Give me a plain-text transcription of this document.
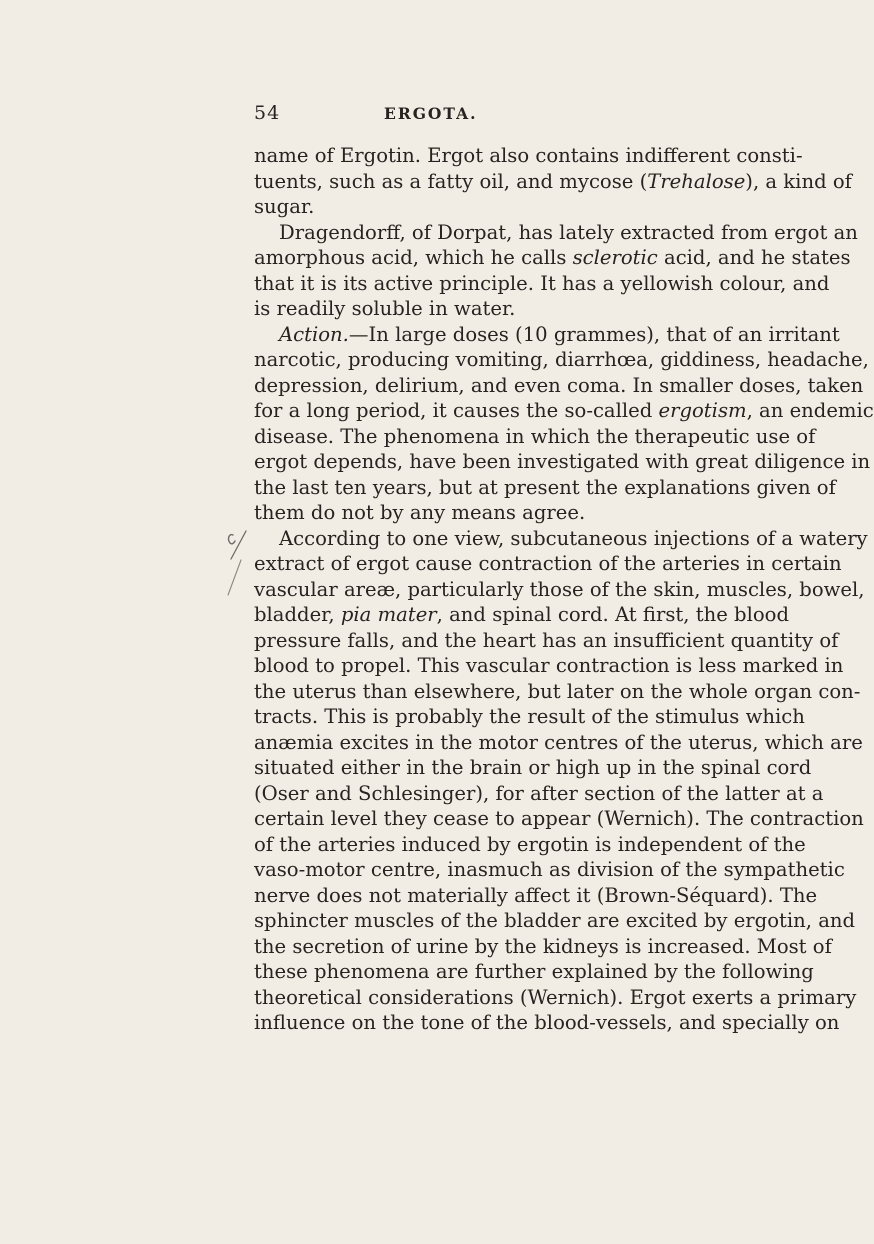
54	ERGOTA.
name of Ergotin. Ergot also contains indifferent consti-
tuents, such as a fatty oil, and mycose (Trehalose), a kind of
sugar.
Dragendorff, of Dorpat, has lately extracted from ergot an
amorphous acid, which he calls sclerotic acid, and he states
that it is its active principle. It has a yellowish colour, and
is readily soluble in water.
Action.—In large doses (10 grammes), that of an irritant
narcotic, producing vomiting, diarrhœa, giddiness, headache,
depression, delirium, and even coma. In smaller doses, taken
for a long period, it causes the so-called ergotism, an endemic
disease. The phenomena in which the therapeutic use of
ergot depends, have been investigated with great diligence in
the last ten years, but at present the explanations given of
them do not by any means agree.
According to one view, subcutaneous injections of a watery
extract of ergot cause contraction of the arteries in certain
vascular areæ, particularly those of the skin, muscles, bowel,
bladder, pia mater, and spinal cord. At first, the blood
pressure falls, and the heart has an insufficient quantity of
blood to propel. This vascular contraction is less marked in
the uterus than elsewhere, but later on the whole organ con-
tracts. This is probably the result of the stimulus which
anæmia excites in the motor centres of the uterus, which are
situated either in the brain or high up in the spinal cord
(Oser and Schlesinger), for after section of the latter at a
certain level they cease to appear (Wernich). The contraction
of the arteries induced by ergotin is independent of the
vaso-motor centre, inasmuch as division of the sympathetic
nerve does not materially affect it (Brown-Séquard). The
sphincter muscles of the bladder are excited by ergotin, and
the secretion of urine by the kidneys is increased. Most of
these phenomena are further explained by the following
theoretical considerations (Wernich). Ergot exerts a primary
influence on the tone of the blood-vessels, and specially on
